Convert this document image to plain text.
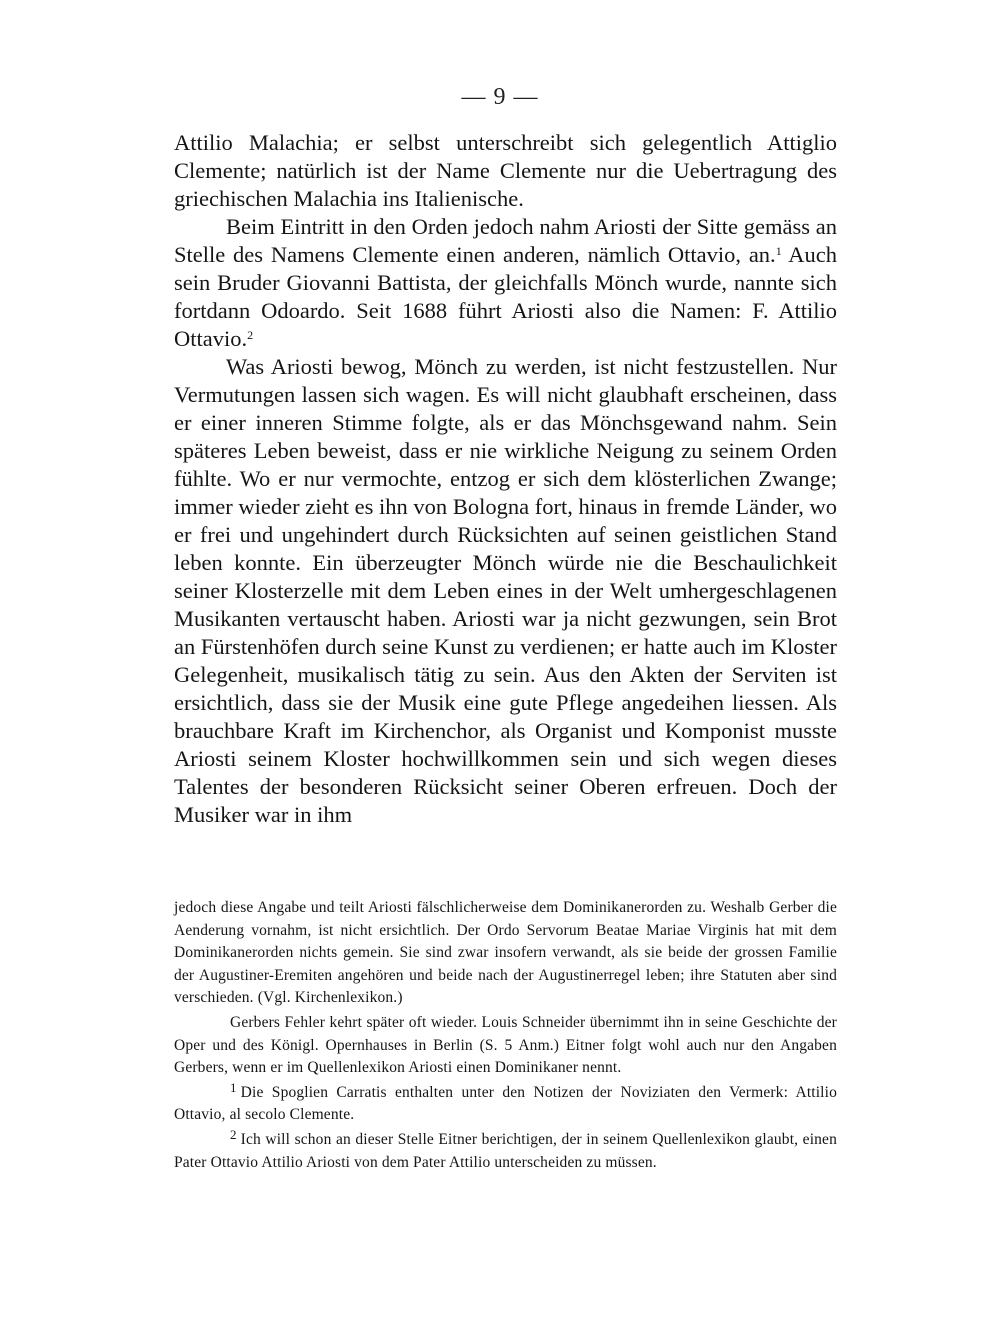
— 9 —

Attilio Malachia; er selbst unterschreibt sich gelegentlich Attiglio Clemente; natürlich ist der Name Clemente nur die Uebertragung des griechischen Malachia ins Italienische.

Beim Eintritt in den Orden jedoch nahm Ariosti der Sitte gemäss an Stelle des Namens Clemente einen anderen, nämlich Ottavio, an.$^1$ Auch sein Bruder Giovanni Battista, der gleichfalls Mönch wurde, nannte sich fortdann Odoardo. Seit 1688 führt Ariosti also die Namen: F. Attilio Ottavio.$^2$

Was Ariosti bewog, Mönch zu werden, ist nicht festzustellen. Nur Vermutungen lassen sich wagen. Es will nicht glaubhaft erscheinen, dass er einer inneren Stimme folgte, als er das Mönchsgewand nahm. Sein späteres Leben beweist, dass er nie wirkliche Neigung zu seinem Orden fühlte. Wo er nur vermochte, entzog er sich dem klösterlichen Zwange; immer wieder zieht es ihn von Bologna fort, hinaus in fremde Länder, wo er frei und ungehindert durch Rücksichten auf seinen geistlichen Stand leben konnte. Ein überzeugter Mönch würde nie die Beschaulichkeit seiner Klosterzelle mit dem Leben eines in der Welt umhergeschlagenen Musikanten vertauscht haben. Ariosti war ja nicht gezwungen, sein Brot an Fürstenhöfen durch seine Kunst zu verdienen; er hatte auch im Kloster Gelegenheit, musikalisch tätig zu sein. Aus den Akten der Serviten ist ersichtlich, dass sie der Musik eine gute Pflege angedeihen liessen. Als brauchbare Kraft im Kirchenchor, als Organist und Komponist musste Ariosti seinem Kloster hochwillkommen sein und sich wegen dieses Talentes der besonderen Rücksicht seiner Oberen erfreuen. Doch der Musiker war in ihm

jedoch diese Angabe und teilt Ariosti fälschlicherweise dem Dominikanerorden zu. Weshalb Gerber die Aenderung vornahm, ist nicht ersichtlich. Der Ordo Servorum Beatae Mariae Virginis hat mit dem Dominikanerorden nichts gemein. Sie sind zwar insofern verwandt, als sie beide der grossen Familie der Augustiner-Eremiten angehören und beide nach der Augustinerregel leben; ihre Statuten aber sind verschieden. (Vgl. Kirchenlexikon.)

Gerbers Fehler kehrt später oft wieder. Louis Schneider übernimmt ihn in seine Geschichte der Oper und des Königl. Opernhauses in Berlin (S. 5 Anm.) Eitner folgt wohl auch nur den Angaben Gerbers, wenn er im Quellenlexikon Ariosti einen Dominikaner nennt.

$^1$ Die Spoglien Carratis enthalten unter den Notizen der Noviziaten den Vermerk: Attilio Ottavio, al secolo Clemente.

$^2$ Ich will schon an dieser Stelle Eitner berichtigen, der in seinem Quellenlexikon glaubt, einen Pater Ottavio Attilio Ariosti von dem Pater Attilio unterscheiden zu müssen.
